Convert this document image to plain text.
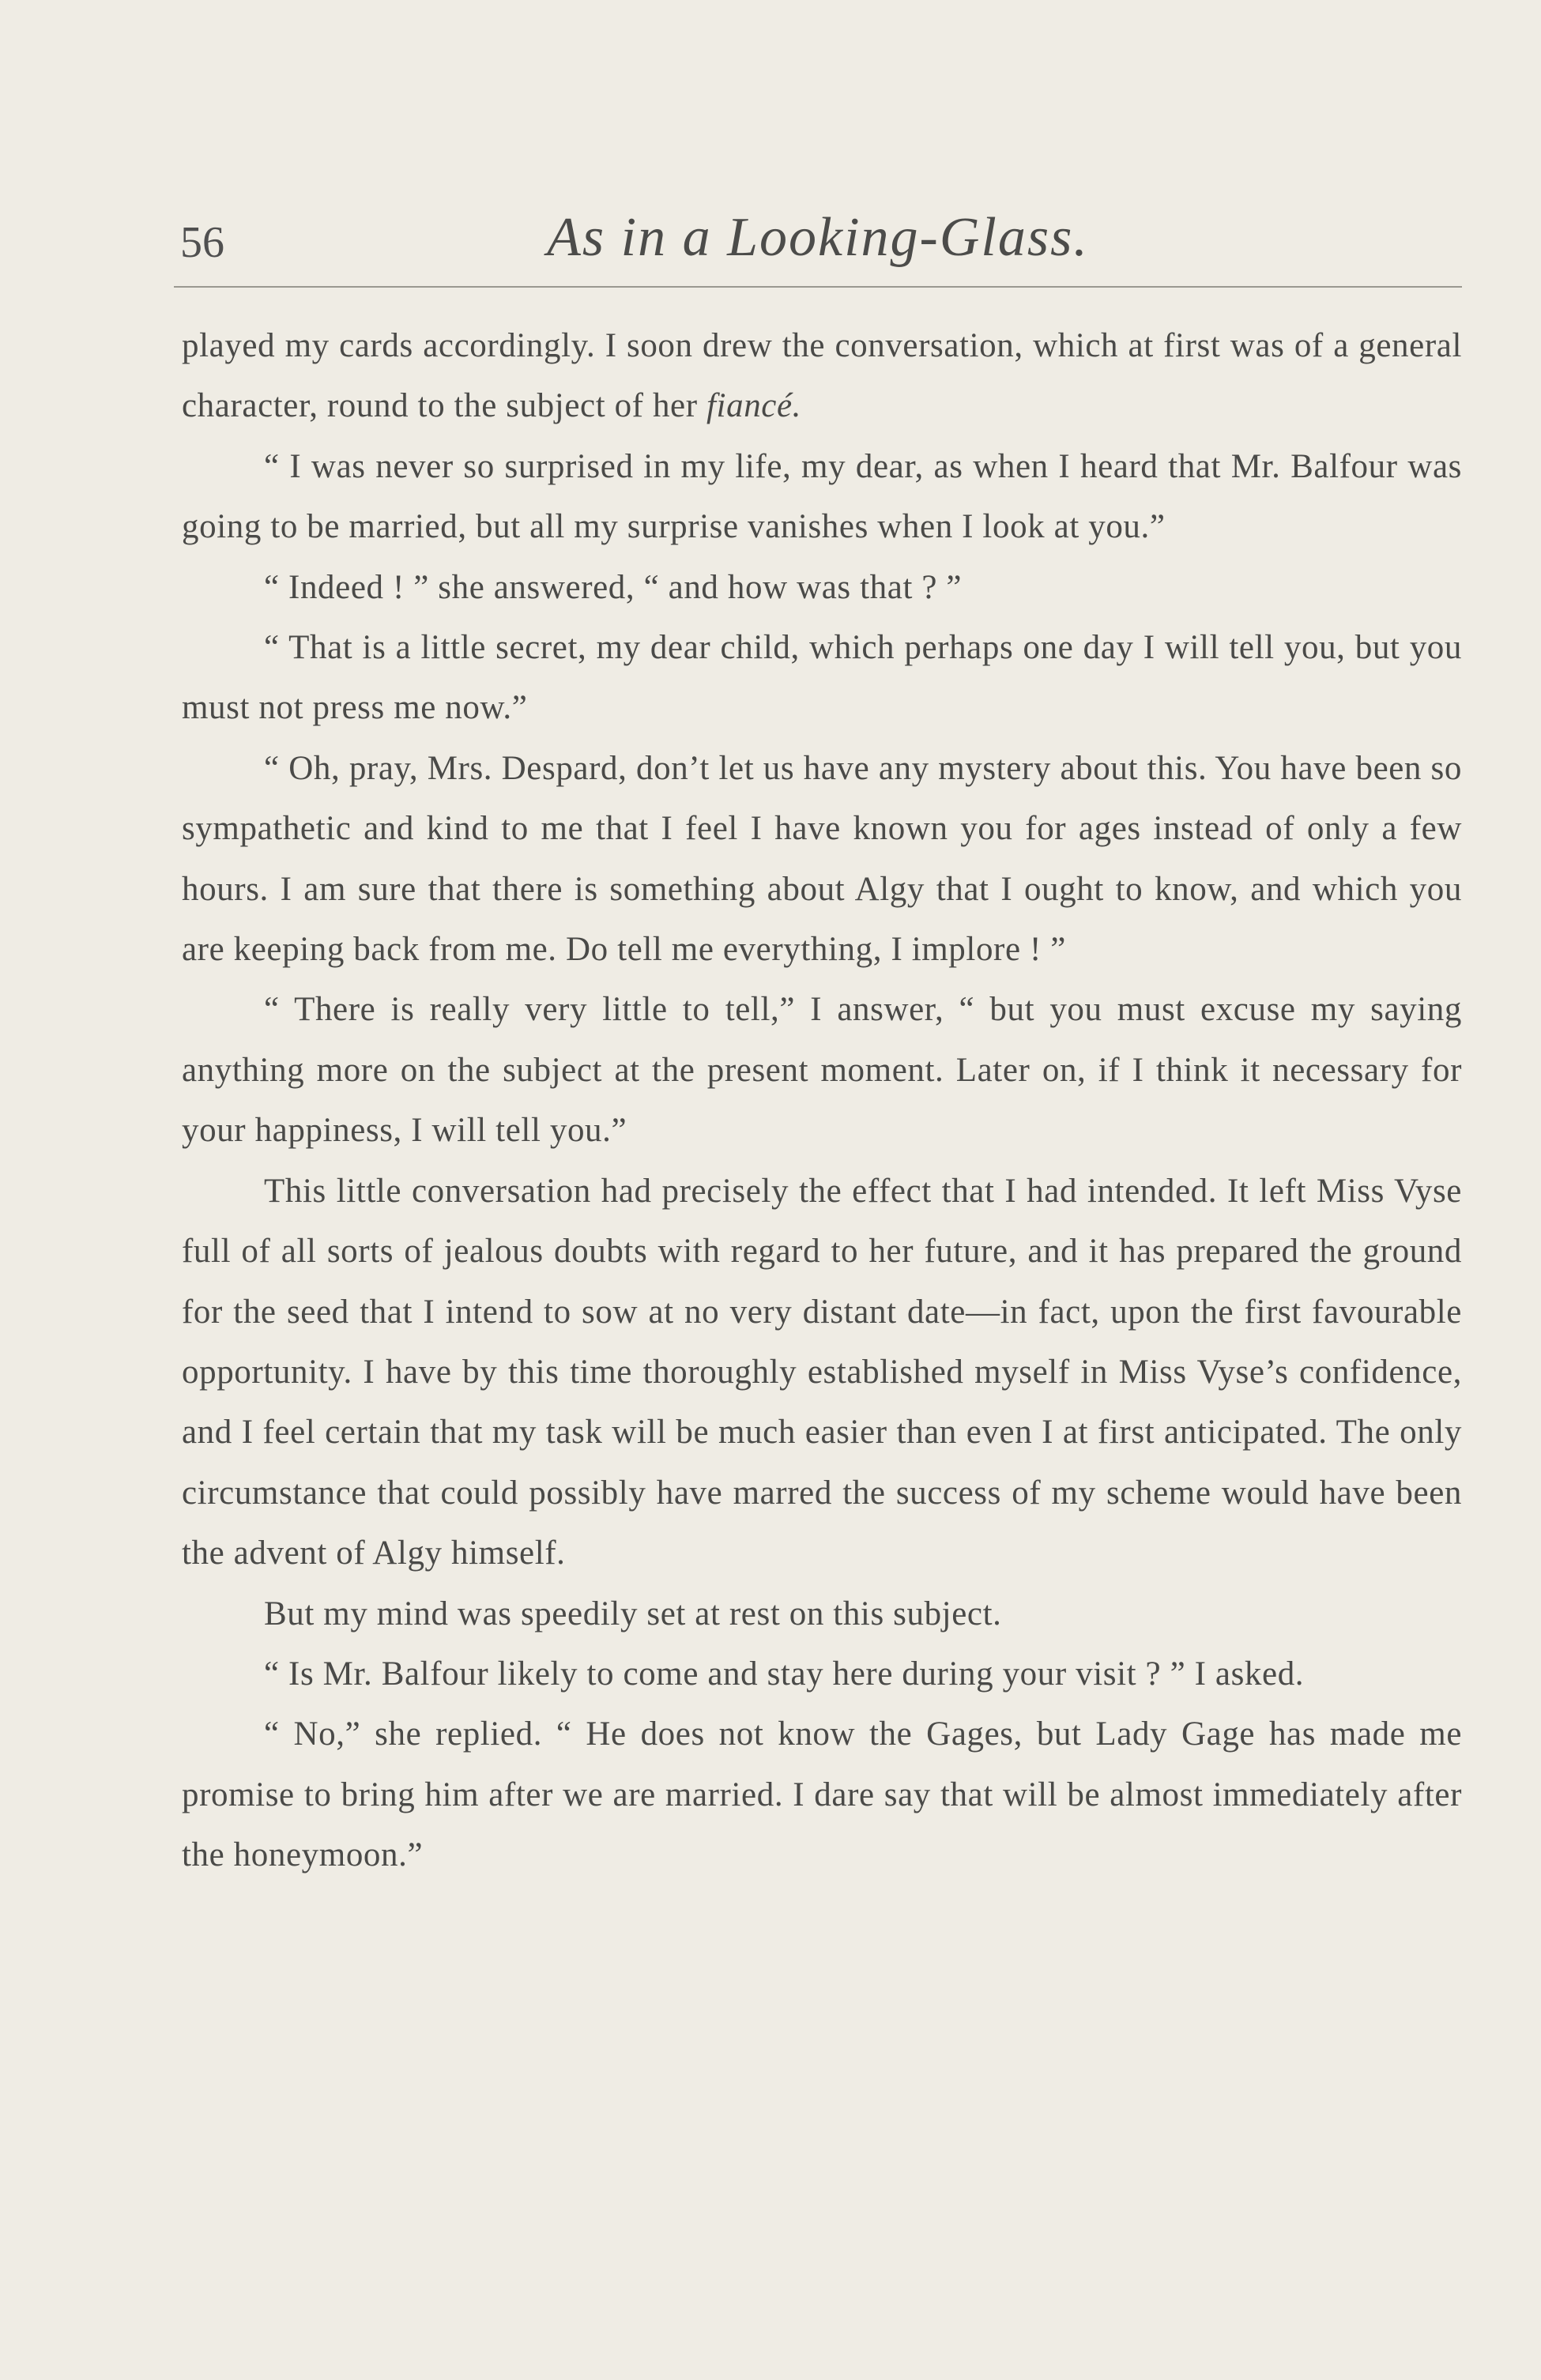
56	As in a Looking-Glass.

played my cards accordingly. I soon drew the conversation, which at first was of a general character, round to the subject of her fiancé.

“ I was never so surprised in my life, my dear, as when I heard that Mr. Balfour was going to be married, but all my surprise vanishes when I look at you.”

“ Indeed ! ” she answered, “ and how was that ? ”

“ That is a little secret, my dear child, which perhaps one day I will tell you, but you must not press me now.”

“ Oh, pray, Mrs. Despard, don’t let us have any mystery about this. You have been so sympathetic and kind to me that I feel I have known you for ages instead of only a few hours. I am sure that there is something about Algy that I ought to know, and which you are keeping back from me. Do tell me everything, I implore ! ”

“ There is really very little to tell,” I answer, “ but you must excuse my saying anything more on the subject at the present moment. Later on, if I think it necessary for your happiness, I will tell you.”

This little conversation had precisely the effect that I had intended. It left Miss Vyse full of all sorts of jealous doubts with regard to her future, and it has prepared the ground for the seed that I intend to sow at no very distant date—in fact, upon the first favourable opportunity. I have by this time thoroughly established myself in Miss Vyse’s confidence, and I feel certain that my task will be much easier than even I at first anticipated. The only circumstance that could possibly have marred the success of my scheme would have been the advent of Algy himself.

But my mind was speedily set at rest on this subject.

“ Is Mr. Balfour likely to come and stay here during your visit ? ” I asked.

“ No,” she replied. “ He does not know the Gages, but Lady Gage has made me promise to bring him after we are married. I dare say that will be almost immediately after the honeymoon.”
